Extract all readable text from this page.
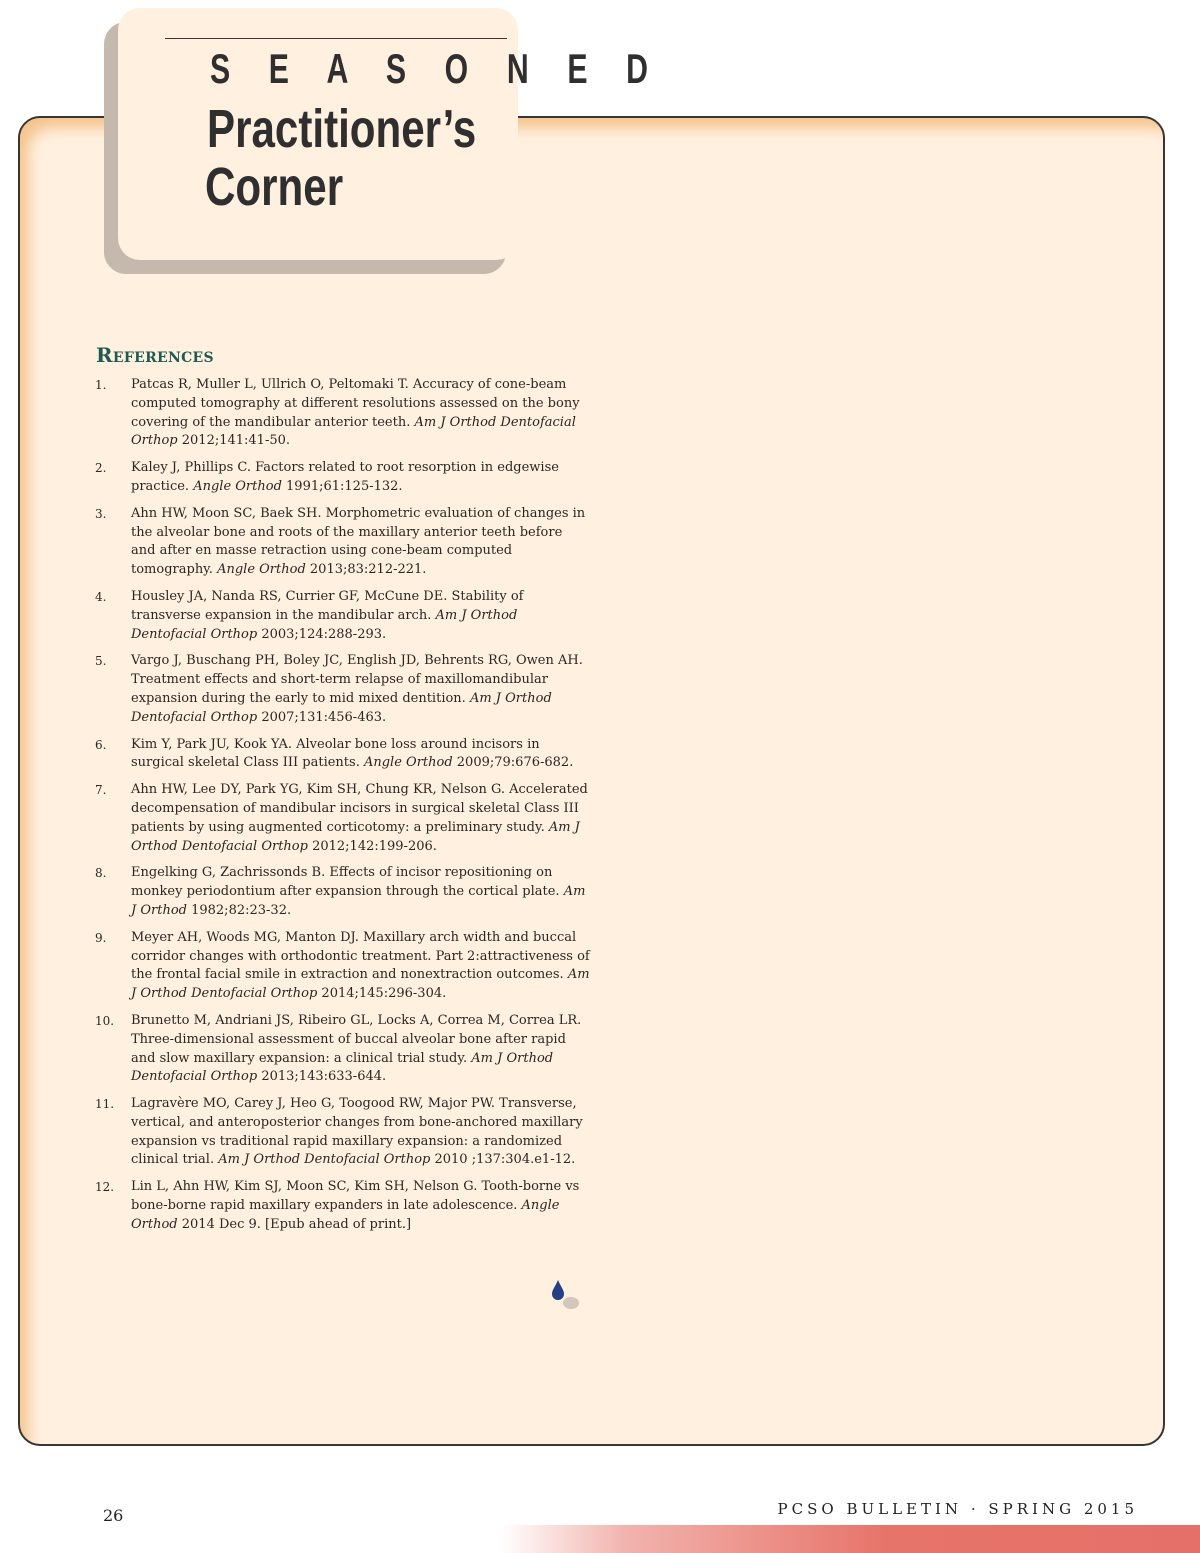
S E A S O N E D
Practitioner’s
Corner
References
1. Patcas R, Muller L, Ullrich O, Peltomaki T. Accuracy of cone-beam computed tomography at different resolutions assessed on the bony covering of the mandibular anterior teeth. Am J Orthod Dentofacial Orthop 2012;141:41-50.
2. Kaley J, Phillips C. Factors related to root resorption in edgewise practice. Angle Orthod 1991;61:125-132.
3. Ahn HW, Moon SC, Baek SH. Morphometric evaluation of changes in the alveolar bone and roots of the maxillary anterior teeth before and after en masse retraction using cone-beam computed tomography. Angle Orthod 2013;83:212-221.
4. Housley JA, Nanda RS, Currier GF, McCune DE. Stability of transverse expansion in the mandibular arch. Am J Orthod Dentofacial Orthop 2003;124:288-293.
5. Vargo J, Buschang PH, Boley JC, English JD, Behrents RG, Owen AH. Treatment effects and short-term relapse of maxillomandibular expansion during the early to mid mixed dentition. Am J Orthod Dentofacial Orthop 2007;131:456-463.
6. Kim Y, Park JU, Kook YA. Alveolar bone loss around incisors in surgical skeletal Class III patients. Angle Orthod 2009;79:676-682.
7. Ahn HW, Lee DY, Park YG, Kim SH, Chung KR, Nelson G. Accelerated decompensation of mandibular incisors in surgical skeletal Class III patients by using augmented corticotomy: a preliminary study. Am J Orthod Dentofacial Orthop 2012;142:199-206.
8. Engelking G, Zachrissonds B. Effects of incisor repositioning on monkey periodontium after expansion through the cortical plate. Am J Orthod 1982;82:23-32.
9. Meyer AH, Woods MG, Manton DJ. Maxillary arch width and buccal corridor changes with orthodontic treatment. Part 2:attractiveness of the frontal facial smile in extraction and nonextraction outcomes. Am J Orthod Dentofacial Orthop 2014;145:296-304.
10. Brunetto M, Andriani JS, Ribeiro GL, Locks A, Correa M, Correa LR. Three-dimensional assessment of buccal alveolar bone after rapid and slow maxillary expansion: a clinical trial study. Am J Orthod Dentofacial Orthop 2013;143:633-644.
11. Lagravère MO, Carey J, Heo G, Toogood RW, Major PW. Transverse, vertical, and anteroposterior changes from bone-anchored maxillary expansion vs traditional rapid maxillary expansion: a randomized clinical trial. Am J Orthod Dentofacial Orthop 2010 ;137:304.e1-12.
12. Lin L, Ahn HW, Kim SJ, Moon SC, Kim SH, Nelson G. Tooth-borne vs bone-borne rapid maxillary expanders in late adolescence. Angle Orthod 2014 Dec 9. [Epub ahead of print.]
26	PCSO BULLETIN · SPRING 2015
